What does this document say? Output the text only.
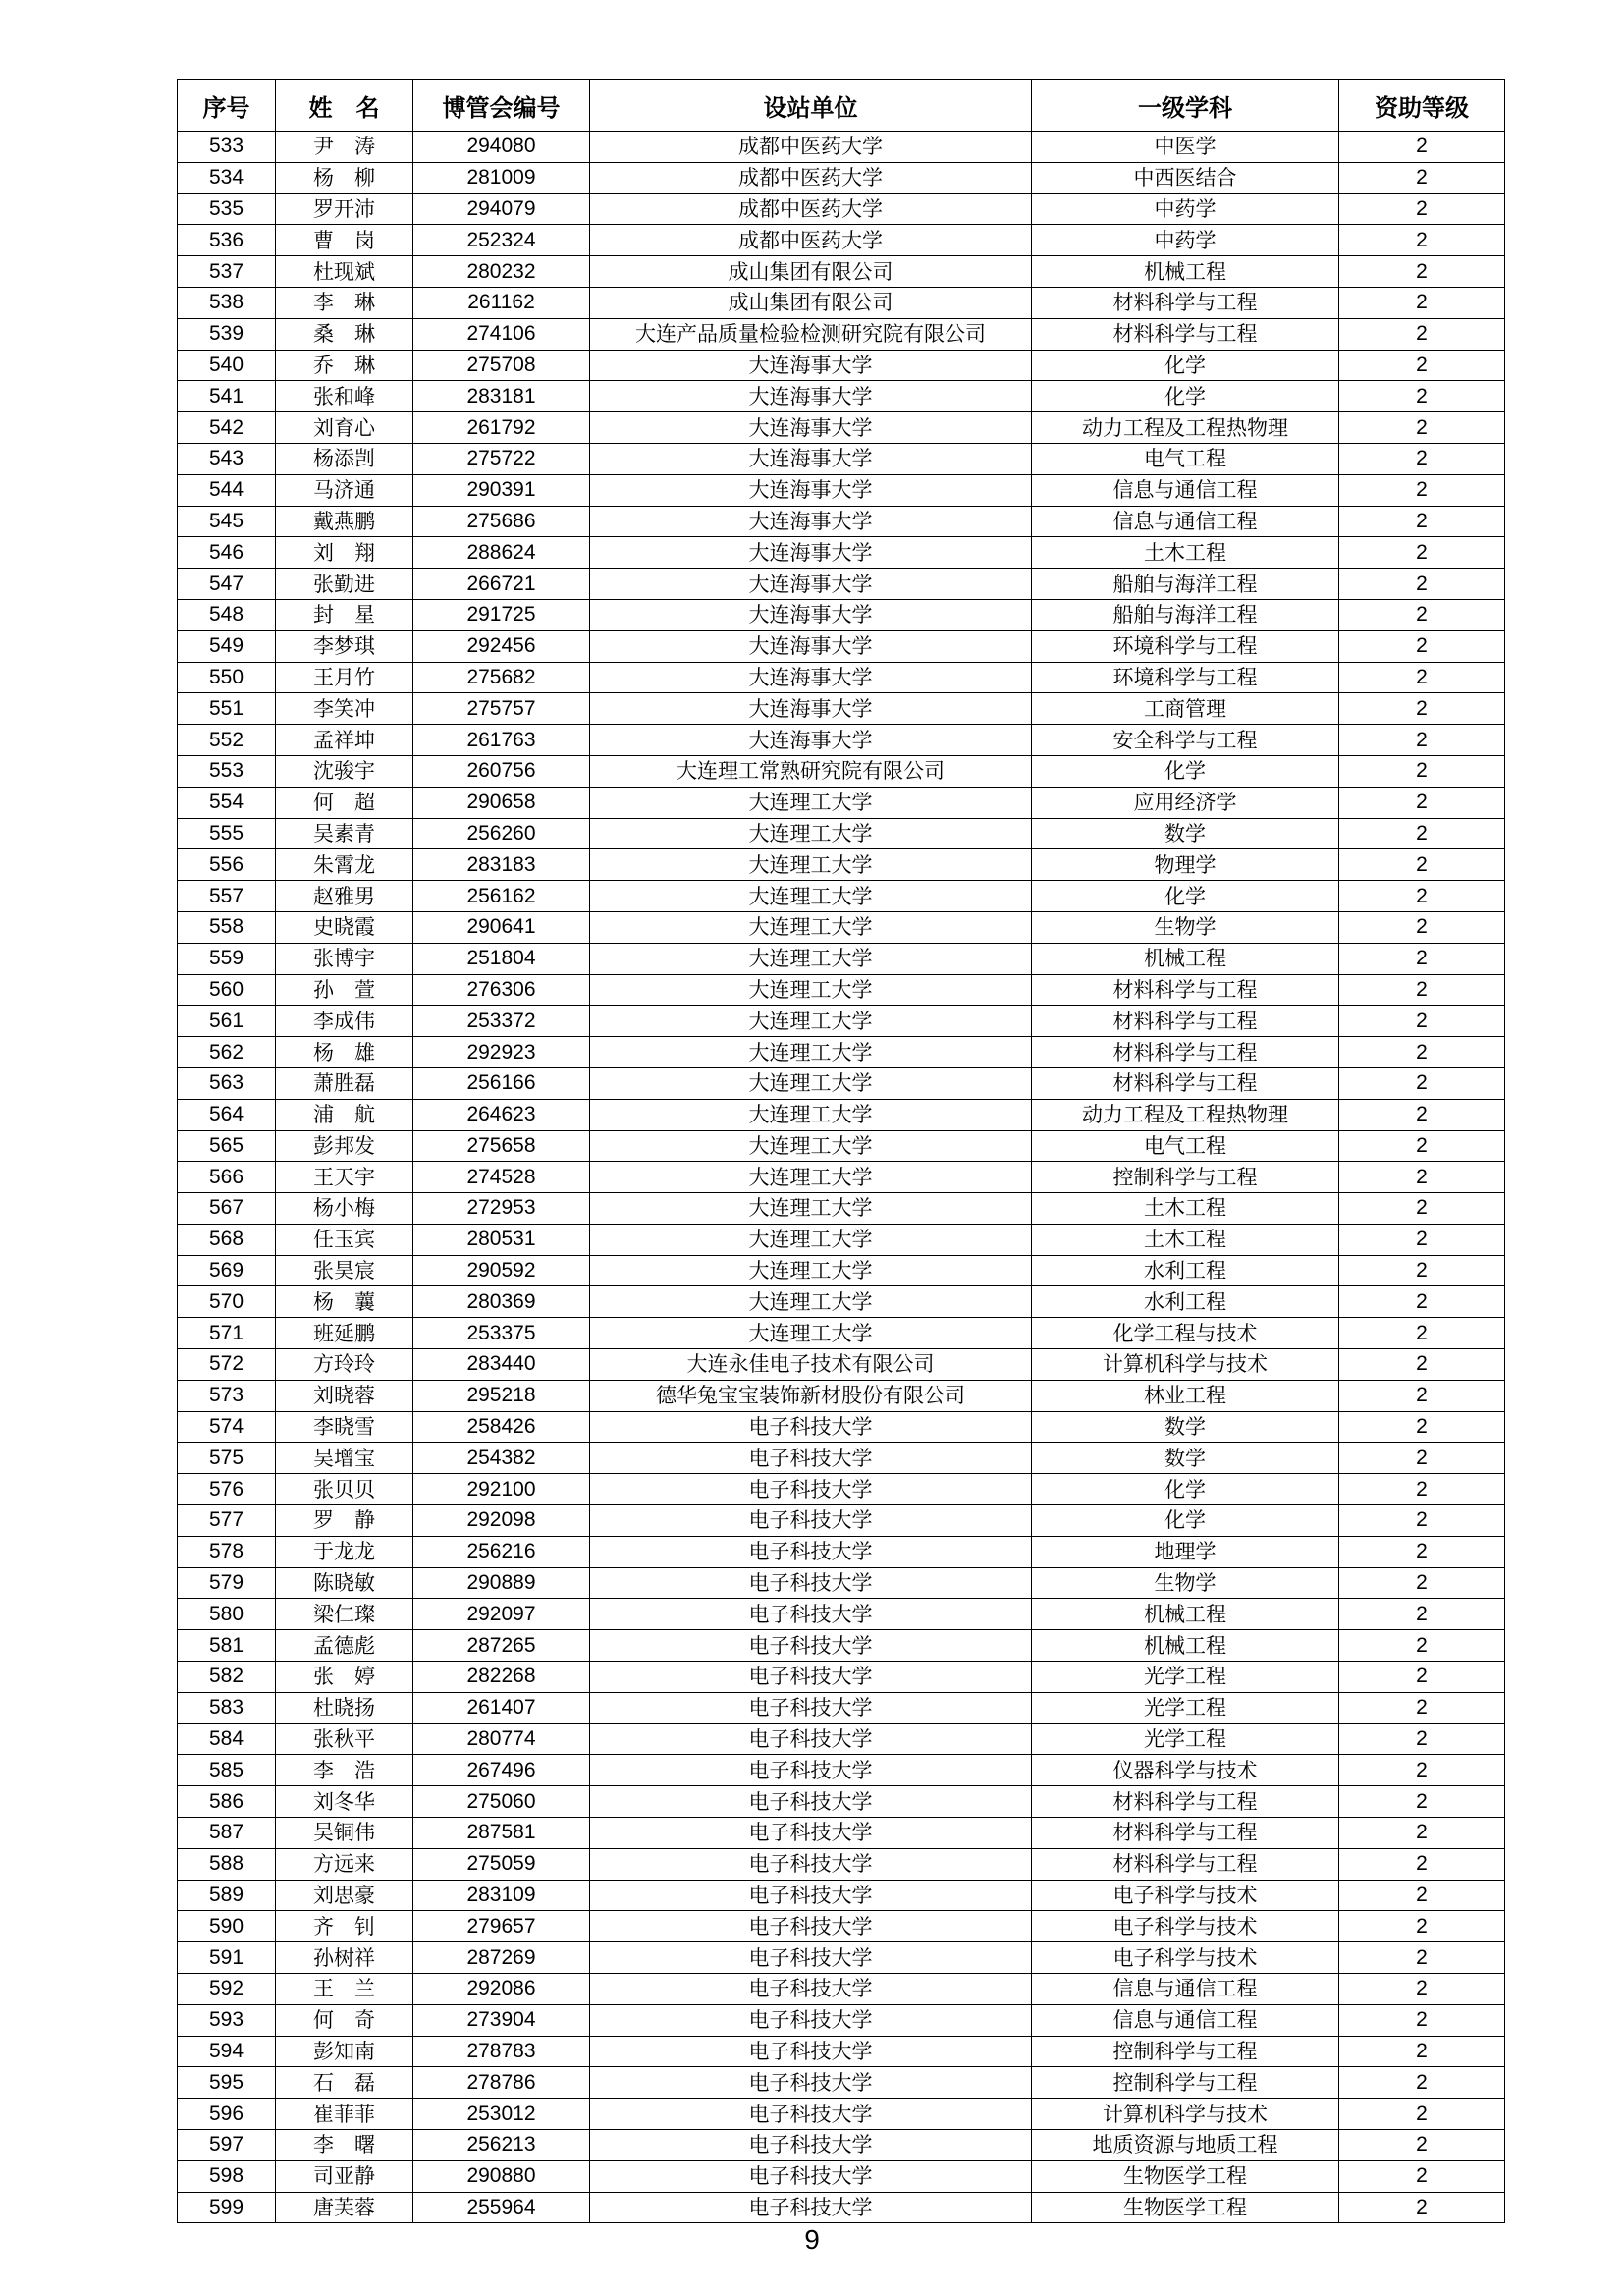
序号	姓　名	博管会编号	设站单位	一级学科	资助等级
533	尹　涛	294080	成都中医药大学	中医学	2
534	杨　柳	281009	成都中医药大学	中西医结合	2
535	罗开沛	294079	成都中医药大学	中药学	2
536	曹　岗	252324	成都中医药大学	中药学	2
537	杜现斌	280232	成山集团有限公司	机械工程	2
538	李　琳	261162	成山集团有限公司	材料科学与工程	2
539	桑　琳	274106	大连产品质量检验检测研究院有限公司	材料科学与工程	2
540	乔　琳	275708	大连海事大学	化学	2
541	张和峰	283181	大连海事大学	化学	2
542	刘育心	261792	大连海事大学	动力工程及工程热物理	2
543	杨添剀	275722	大连海事大学	电气工程	2
544	马济通	290391	大连海事大学	信息与通信工程	2
545	戴燕鹏	275686	大连海事大学	信息与通信工程	2
546	刘　翔	288624	大连海事大学	土木工程	2
547	张勤进	266721	大连海事大学	船舶与海洋工程	2
548	封　星	291725	大连海事大学	船舶与海洋工程	2
549	李梦琪	292456	大连海事大学	环境科学与工程	2
550	王月竹	275682	大连海事大学	环境科学与工程	2
551	李笑冲	275757	大连海事大学	工商管理	2
552	孟祥坤	261763	大连海事大学	安全科学与工程	2
553	沈骏宇	260756	大连理工常熟研究院有限公司	化学	2
554	何　超	290658	大连理工大学	应用经济学	2
555	吴素青	256260	大连理工大学	数学	2
556	朱霄龙	283183	大连理工大学	物理学	2
557	赵雅男	256162	大连理工大学	化学	2
558	史晓霞	290641	大连理工大学	生物学	2
559	张博宇	251804	大连理工大学	机械工程	2
560	孙　萱	276306	大连理工大学	材料科学与工程	2
561	李成伟	253372	大连理工大学	材料科学与工程	2
562	杨　雄	292923	大连理工大学	材料科学与工程	2
563	萧胜磊	256166	大连理工大学	材料科学与工程	2
564	浦　航	264623	大连理工大学	动力工程及工程热物理	2
565	彭邦发	275658	大连理工大学	电气工程	2
566	王天宇	274528	大连理工大学	控制科学与工程	2
567	杨小梅	272953	大连理工大学	土木工程	2
568	任玉宾	280531	大连理工大学	土木工程	2
569	张昊宸	290592	大连理工大学	水利工程	2
570	杨　蘘	280369	大连理工大学	水利工程	2
571	班延鹏	253375	大连理工大学	化学工程与技术	2
572	方玲玲	283440	大连永佳电子技术有限公司	计算机科学与技术	2
573	刘晓蓉	295218	德华兔宝宝装饰新材股份有限公司	林业工程	2
574	李晓雪	258426	电子科技大学	数学	2
575	吴增宝	254382	电子科技大学	数学	2
576	张贝贝	292100	电子科技大学	化学	2
577	罗　静	292098	电子科技大学	化学	2
578	于龙龙	256216	电子科技大学	地理学	2
579	陈晓敏	290889	电子科技大学	生物学	2
580	梁仁璨	292097	电子科技大学	机械工程	2
581	孟德彪	287265	电子科技大学	机械工程	2
582	张　婷	282268	电子科技大学	光学工程	2
583	杜晓扬	261407	电子科技大学	光学工程	2
584	张秋平	280774	电子科技大学	光学工程	2
585	李　浩	267496	电子科技大学	仪器科学与技术	2
586	刘冬华	275060	电子科技大学	材料科学与工程	2
587	吴铜伟	287581	电子科技大学	材料科学与工程	2
588	方远来	275059	电子科技大学	材料科学与工程	2
589	刘思豪	283109	电子科技大学	电子科学与技术	2
590	齐　钊	279657	电子科技大学	电子科学与技术	2
591	孙树祥	287269	电子科技大学	电子科学与技术	2
592	王　兰	292086	电子科技大学	信息与通信工程	2
593	何　奇	273904	电子科技大学	信息与通信工程	2
594	彭知南	278783	电子科技大学	控制科学与工程	2
595	石　磊	278786	电子科技大学	控制科学与工程	2
596	崔菲菲	253012	电子科技大学	计算机科学与技术	2
597	李　曙	256213	电子科技大学	地质资源与地质工程	2
598	司亚静	290880	电子科技大学	生物医学工程	2
599	唐芙蓉	255964	电子科技大学	生物医学工程	2
9
